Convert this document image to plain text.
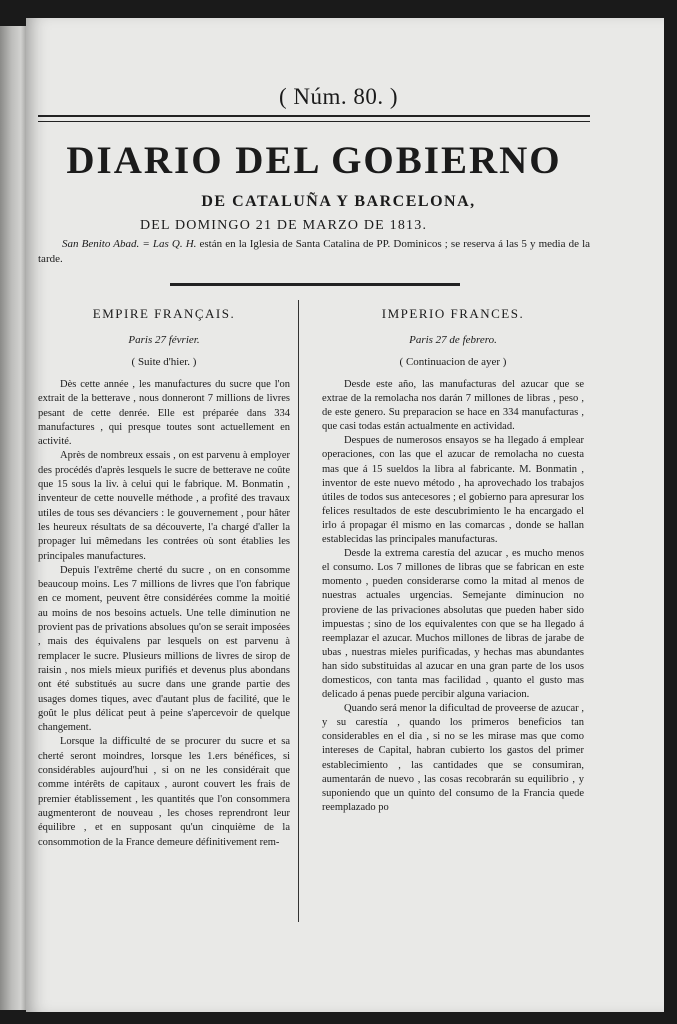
( Núm. 80. )
DIARIO DEL GOBIERNO
DE CATALUÑA Y BARCELONA,
DEL DOMINGO 21 DE MARZO DE 1813.
San Benito Abad. = Las Q. H. están en la Iglesia de Santa Catalina de PP. Dominicos ; se reserva á las 5 y media de la tarde.
EMPIRE FRANÇAIS.
Paris 27 février.
( Suite d'hier. )

Dès cette année , les manufactures du sucre que l'on extrait de la betterave , nous donneront 7 millions de livres pesant de cette denrée. Elle est préparée dans 334 manufactures , qui presque toutes sont actuellement en activité.

Après de nombreux essais , on est parvenu à employer des procédés d'après lesquels le sucre de betterave ne coûte que 15 sous la liv. à celui qui le fabrique. M. Bonmatin , inventeur de cette nouvelle méthode , a profité des travaux utiles de tous ses dévanciers : le gouvernement , pour hâter les heureux résultats de sa découverte, l'a chargé d'aller la propager lui mêmedans les contrées où sont établies les principales manufactures.

Depuis l'extrême cherté du sucre , on en consomme beaucoup moins. Les 7 millions de livres que l'on fabrique en ce moment, peuvent être considérées comme la moitié au moins de nos besoins actuels. Une telle diminution ne provient pas de privations absolues qu'on se serait imposées , mais des équivalens par lesquels on est parvenu à remplacer le sucre. Plusieurs millions de livres de sirop de raisin , nos miels mieux purifiés et devenus plus abondans ont été substitués au sucre dans une grande partie des usages domes tiques, avec d'autant plus de facilité, que le goût le plus délicat peut à peine s'apercevoir de quelque changement.

Lorsque la difficulté de se procurer du sucre et sa cherté seront moindres, lorsque les 1.ers bénéfices, si considérables aujourd'hui , si on ne les considérait que comme intérêts de capitaux , auront couvert les frais de premier établissement , les quantités que l'on consommera augmenteront de nouveau , les choses reprendront leur équilibre , et en supposant qu'un cinquième de la consommotion de la France demeure définitivement rem-

IMPERIO FRANCES.
Paris 27 de febrero.
( Continuacion de ayer )

Desde este año, las manufacturas del azucar que se extrae de la remolacha nos darán 7 millones de libras , peso , de este genero. Su preparacion se hace en 334 manufacturas , que casi todas están actualmente en actividad.

Despues de numerosos ensayos se ha llegado á emplear operaciones, con las que el azucar de remolacha no cuesta mas que á 15 sueldos la libra al fabricante. M. Bonmatin , inventor de este nuevo método , ha aprovechado los trabajos útiles de todos sus antecesores ; el gobierno para apresurar los felices resultados de este descubrimiento le ha encargado el irlo á propagar él mismo en las comarcas , donde se hallan establecidas las principales manufacturas.

Desde la extrema carestía del azucar , es mucho menos el consumo. Los 7 millones de libras que se fabrican en este momento , pueden considerarse como la mitad al menos de nuestras actuales urgencias. Semejante diminucion no proviene de las privaciones absolutas que pueden haber sido impuestas ; sino de los equivalentes con que se ha llegado á reemplazar el azucar. Muchos millones de libras de jarabe de ubas , nuestras mieles purificadas, y hechas mas abundantes han sido substituidas al azucar en una gran parte de los usos domesticos, con tanta mas facilidad , quanto el gusto mas delicado á penas puede percibir alguna variacion.

Quando será menor la dificultad de proveerse de azucar , y su carestía , quando los primeros beneficios tan considerables en el dia , si no se les mirase mas que como intereses de Capital, habran cubierto los gastos del primer establecimiento , las cantidades que se consumiran, aumentarán de nuevo , las cosas recobrarán su equilibrio , y suponiendo que un quinto del consumo de la Francia quede reemplazado po
